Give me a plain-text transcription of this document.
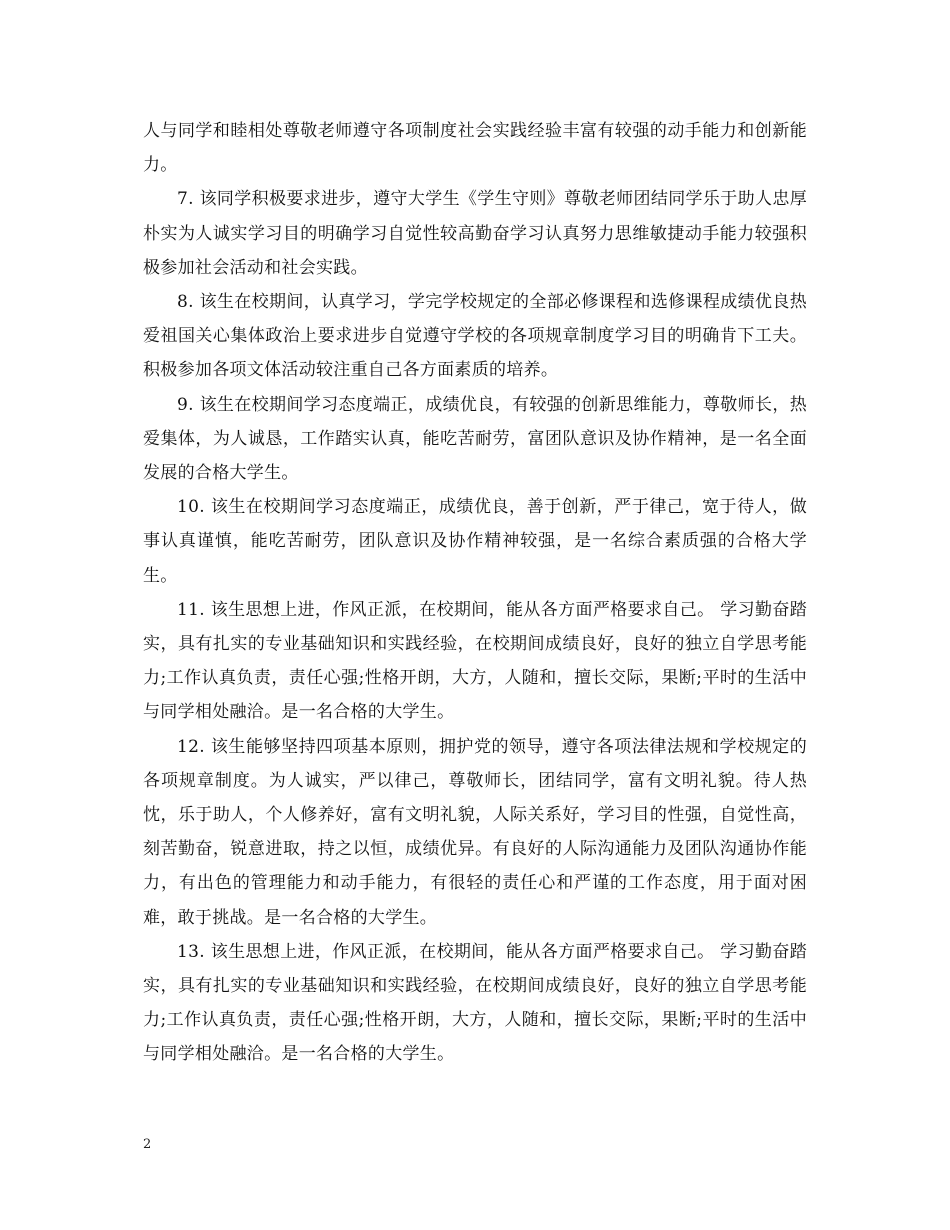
人与同学和睦相处尊敬老师遵守各项制度社会实践经验丰富有较强的动手能力和创新能力。

7. 该同学积极要求进步，遵守大学生《学生守则》尊敬老师团结同学乐于助人忠厚朴实为人诚实学习目的明确学习自觉性较高勤奋学习认真努力思维敏捷动手能力较强积极参加社会活动和社会实践。

8. 该生在校期间，认真学习，学完学校规定的全部必修课程和选修课程成绩优良热爱祖国关心集体政治上要求进步自觉遵守学校的各项规章制度学习目的明确肯下工夫。积极参加各项文体活动较注重自己各方面素质的培养。

9. 该生在校期间学习态度端正，成绩优良，有较强的创新思维能力，尊敬师长，热爱集体，为人诚恳，工作踏实认真，能吃苦耐劳，富团队意识及协作精神，是一名全面发展的合格大学生。

10. 该生在校期间学习态度端正，成绩优良，善于创新，严于律己，宽于待人，做事认真谨慎，能吃苦耐劳，团队意识及协作精神较强，是一名综合素质强的合格大学生。

11. 该生思想上进，作风正派，在校期间，能从各方面严格要求自己。 学习勤奋踏实，具有扎实的专业基础知识和实践经验，在校期间成绩良好，良好的独立自学思考能力;工作认真负责，责任心强;性格开朗，大方，人随和，擅长交际，果断;平时的生活中与同学相处融洽。是一名合格的大学生。

12. 该生能够坚持四项基本原则，拥护党的领导，遵守各项法律法规和学校规定的各项规章制度。为人诚实，严以律己，尊敬师长，团结同学，富有文明礼貌。待人热忱，乐于助人，个人修养好，富有文明礼貌，人际关系好，学习目的性强，自觉性高，刻苦勤奋，锐意进取，持之以恒，成绩优异。有良好的人际沟通能力及团队沟通协作能力，有出色的管理能力和动手能力，有很轻的责任心和严谨的工作态度，用于面对困难，敢于挑战。是一名合格的大学生。

13. 该生思想上进，作风正派，在校期间，能从各方面严格要求自己。 学习勤奋踏实，具有扎实的专业基础知识和实践经验，在校期间成绩良好，良好的独立自学思考能力;工作认真负责，责任心强;性格开朗，大方，人随和，擅长交际，果断;平时的生活中与同学相处融洽。是一名合格的大学生。

2
